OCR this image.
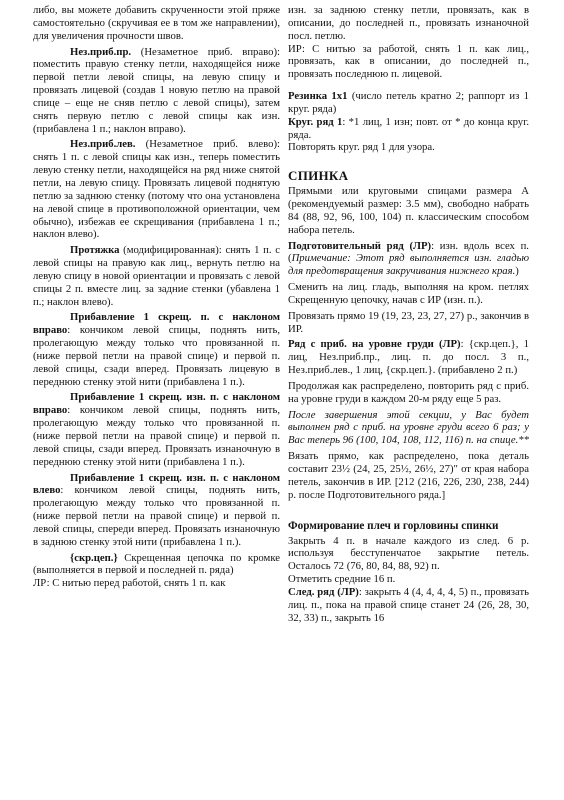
либо, вы можете добавить скрученности этой пряже самостоятельно (скручивая ее в том же направлении), для увеличения прочности швов.

Нез.приб.пр. (Незаметное приб. вправо): поместить правую стенку петли, находящейся ниже первой петли левой спицы, на левую спицу и провязать лицевой (создав 1 новую петлю на правой спице – еще не сняв петлю с левой спицы), затем снять первую петлю с левой спицы как изн. (прибавлена 1 п.; наклон вправо).

Нез.приб.лев. (Незаметное приб. влево): снять 1 п. с левой спицы как изн., теперь поместить левую стенку петли, находящейся на ряд ниже снятой петли, на левую спицу. Провязать лицевой поднятую петлю за заднюю стенку (потому что она установлена на левой спице в противоположной ориентации, чем обычно), избежав ее скрещивания (прибавлена 1 п.; наклон влево).

Протяжка (модифицированная): снять 1 п. с левой спицы на правую как лиц., вернуть петлю на левую спицу в новой ориентации и провязать с левой спицы 2 п. вместе лиц. за задние стенки (убавлена 1 п.; наклон влево).

Прибавление 1 скрещ. п. с наклоном вправо: кончиком левой спицы, поднять нить, пролегающую между только что провязанной п. (ниже первой петли на правой спице) и первой п. левой спицы, сзади вперед. Провязать лицевую в переднюю стенку этой нити (прибавлена 1 п.).

Прибавление 1 скрещ. изн. п. с наклоном вправо: кончиком левой спицы, поднять нить, пролегающую между только что провязанной п. (ниже первой петли на правой спице) и первой п. левой спицы, сзади вперед. Провязать изнаночную в переднюю стенку этой нити (прибавлена 1 п.).

Прибавление 1 скрещ. изн. п. с наклоном влево: кончиком левой спицы, поднять нить, пролегающую между только что провязанной п. (ниже первой петли на правой спице) и первой п. левой спицы, спереди вперед. Провязать изнаночную в заднюю стенку этой нити (прибавлена 1 п.).

{скр.цеп.} Скрещенная цепочка по кромке (выполняется в первой и последней п. ряда)

ЛР: С нитью перед работой, снять 1 п. как

изн. за заднюю стенку петли, провязать, как в описании, до последней п., провязать изнаночной посл. петлю.

ИР: С нитью за работой, снять 1 п. как лиц., провязать, как в описании, до последней п., провязать последнюю п. лицевой.

Резинка 1х1 (число петель кратно 2; раппорт из 1 круг. ряда)

Круг. ряд 1: *1 лиц, 1 изн; повт. от * до конца круг. ряда.

Повторять круг. ряд 1 для узора.

СПИНКА

Прямыми или круговыми спицами размера А (рекомендуемый размер: 3.5 мм), свободно набрать 84 (88, 92, 96, 100, 104) п. классическим способом набора петель.

Подготовительный ряд (ЛР): изн. вдоль всех п. (Примечание: Этот ряд выполняется изн. гладью для предотвращения закручивания нижнего края.)

Сменить на лиц. гладь, выполняя на кром. петлях Скрещенную цепочку, начав с ИР (изн. п.).

Провязать прямо 19 (19, 23, 23, 27, 27) р., закончив в ИР.

Ряд с приб. на уровне груди (ЛР): {скр.цеп.}, 1 лиц, Нез.приб.пр., лиц. п. до посл. 3 п., Нез.приб.лев., 1 лиц, {скр.цеп.}. (прибавлено 2 п.)

Продолжая как распределено, повторить ряд с приб. на уровне груди в каждом 20-м ряду еще 5 раз.

После завершения этой секции, у Вас будет выполнен ряд с приб. на уровне груди всего 6 раз; у Вас теперь 96 (100, 104, 108, 112, 116) п. на спице.**

Вязать прямо, как распределено, пока деталь составит 23½ (24, 25, 25½, 26½, 27)" от края набора петель, закончив в ИР. [212 (216, 226, 230, 238, 244) р. после Подготовительного ряда.]

Формирование плеч и горловины спинки

Закрыть 4 п. в начале каждого из след. 6 р. используя бесступенчатое закрытие петель. Осталось 72 (76, 80, 84, 88, 92) п.

Отметить средние 16 п.

След. ряд (ЛР): закрыть 4 (4, 4, 4, 4, 5) п., провязать лиц. п., пока на правой спице станет 24 (26, 28, 30, 32, 33) п., закрыть 16
